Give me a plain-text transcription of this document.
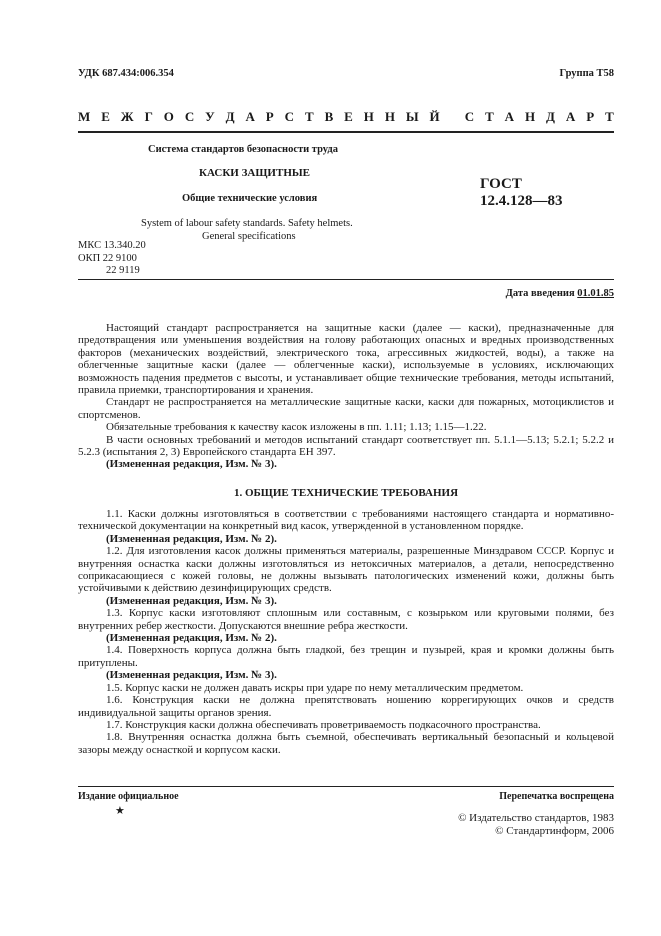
УДК 687.434:006.354	Группа Т58
М Е Ж Г О С У Д А Р С Т В Е Н Н Ы Й
С Т А Н Д А Р Т
Система стандартов безопасности труда
КАСКИ ЗАЩИТНЫЕ
Общие технические условия
ГОСТ
12.4.128—83
System of labour safety standards. Safety helmets.
General specifications
МКС 13.340.20
ОКП 22 9100
22 9119
Дата введения 01.01.85

Настоящий стандарт распространяется на защитные каски (далее — каски), предназначенные для предотвращения или уменьшения воздействия на голову работающих опасных и вредных производственных факторов (механических воздействий, электрического тока, агрессивных жидкостей, воды), а также на облегченные защитные каски (далее — облегченные каски), используемые в условиях, исключающих возможность падения предметов с высоты, и устанавливает общие технические требования, методы испытаний, правила приемки, транспортирования и хранения.

Стандарт не распространяется на металлические защитные каски, каски для пожарных, мотоциклистов и спортсменов.

Обязательные требования к качеству касок изложены в пп. 1.11; 1.13; 1.15—1.22.

В части основных требований и методов испытаний стандарт соответствует пп. 5.1.1—5.13; 5.2.1; 5.2.2 и 5.2.3 (испытания 2, 3) Европейского стандарта ЕН 397.

(Измененная редакция, Изм. № 3).

1. ОБЩИЕ ТЕХНИЧЕСКИЕ ТРЕБОВАНИЯ

1.1. Каски должны изготовляться в соответствии с требованиями настоящего стандарта и нормативно-технической документации на конкретный вид касок, утвержденной в установленном порядке.

(Измененная редакция, Изм. № 2).

1.2. Для изготовления касок должны применяться материалы, разрешенные Минздравом СССР. Корпус и внутренняя оснастка каски должны изготовляться из нетоксичных материалов, а детали, непосредственно соприкасающиеся с кожей головы, не должны вызывать патологических изменений кожи, должны быть устойчивыми к действию дезинфицирующих средств.

(Измененная редакция, Изм. № 3).

1.3. Корпус каски изготовляют сплошным или составным, с козырьком или круговыми полями, без внутренних ребер жесткости. Допускаются внешние ребра жесткости.

(Измененная редакция, Изм. № 2).

1.4. Поверхность корпуса должна быть гладкой, без трещин и пузырей, края и кромки должны быть притуплены.

(Измененная редакция, Изм. № 3).

1.5. Корпус каски не должен давать искры при ударе по нему металлическим предметом.

1.6. Конструкция каски не должна препятствовать ношению коррегирующих очков и средств индивидуальной защиты органов зрения.

1.7. Конструкция каски должна обеспечивать проветриваемость подкасочного пространства.

1.8. Внутренняя оснастка должна быть съемной, обеспечивать вертикальный безопасный и кольцевой зазоры между оснасткой и корпусом каски.

Издание официальное	Перепечатка воспрещена
★
© Издательство стандартов, 1983
© Стандартинформ, 2006
